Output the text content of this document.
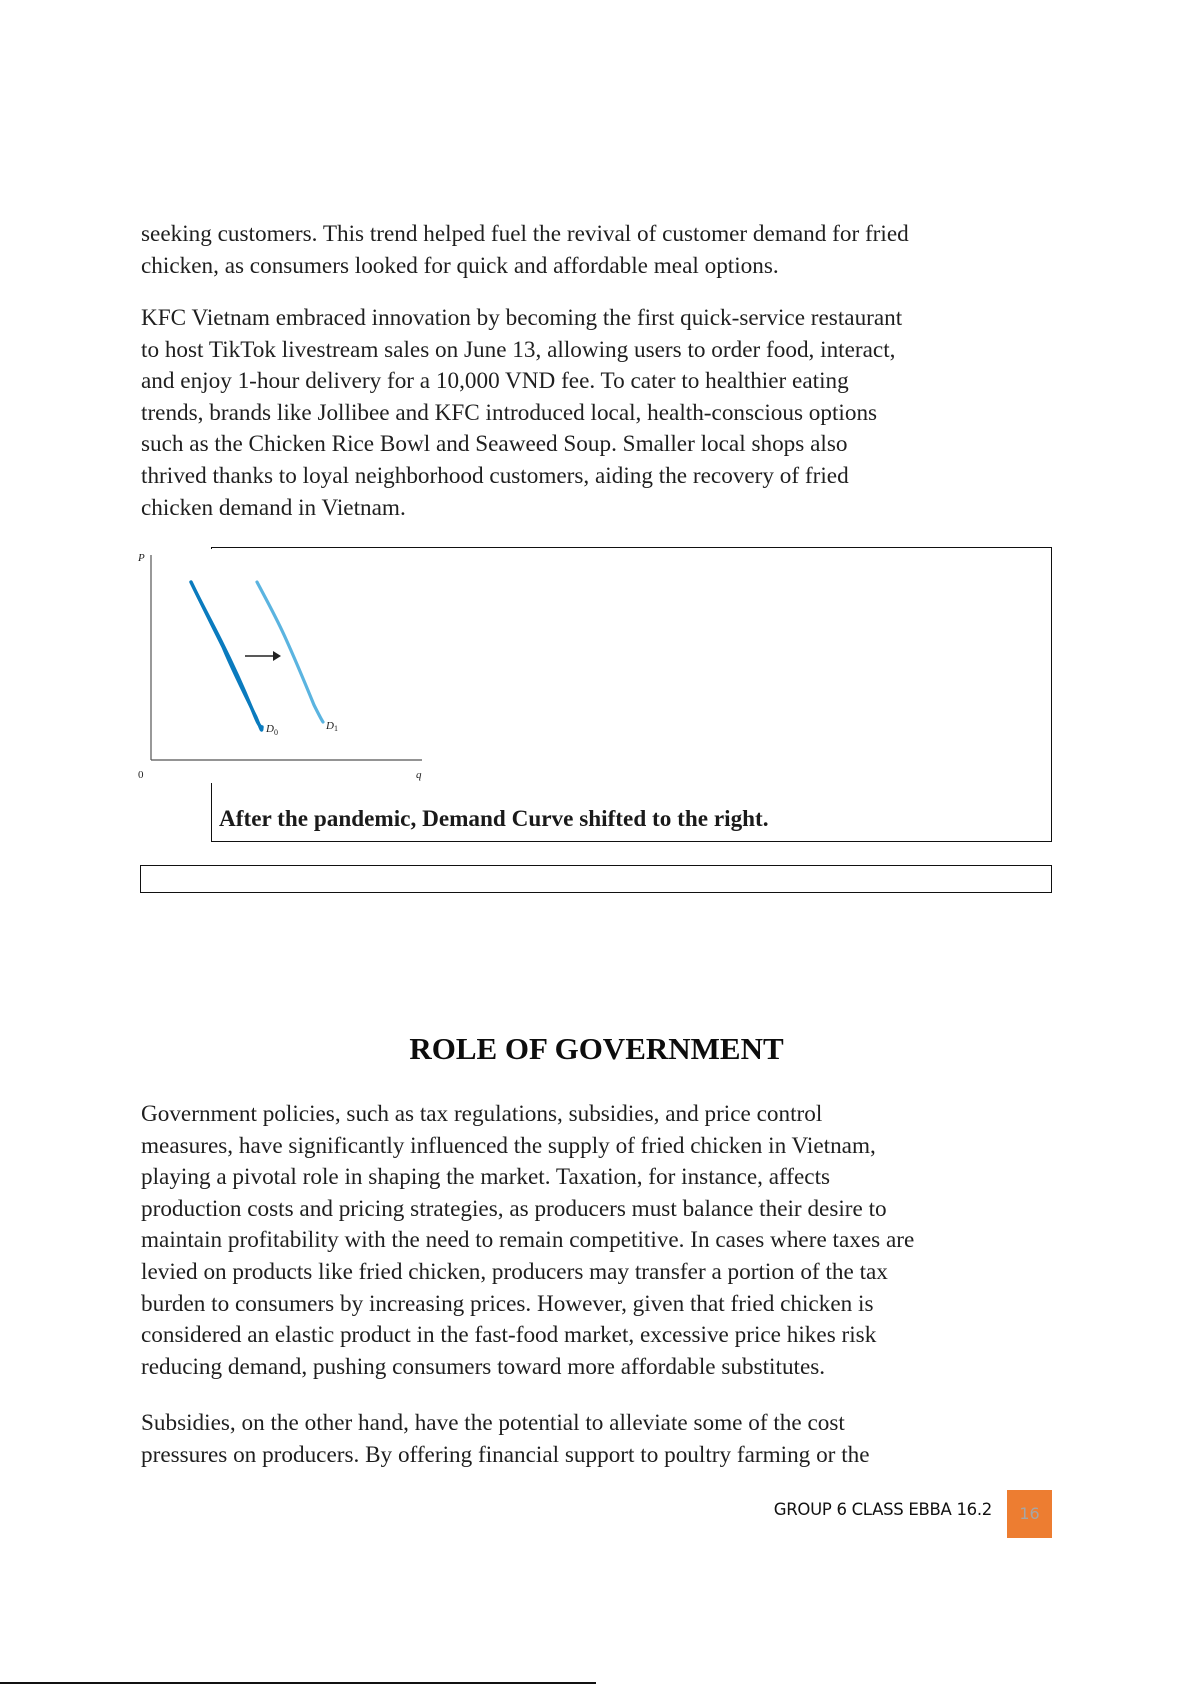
seeking customers. This trend helped fuel the revival of customer demand for fried
chicken, as consumers looked for quick and affordable meal options.
KFC Vietnam embraced innovation by becoming the first quick-service restaurant
to host TikTok livestream sales on June 13, allowing users to order food, interact,
and enjoy 1-hour delivery for a 10,000 VND fee. To cater to healthier eating
trends, brands like Jollibee and KFC introduced local, health-conscious options
such as the Chicken Rice Bowl and Seaweed Soup. Smaller local shops also
thrived thanks to loyal neighborhood customers, aiding the recovery of fried
chicken demand in Vietnam.
P
0	q
D 0
D 1
After the pandemic, Demand Curve shifted to the right.
ROLE OF GOVERNMENT
Government policies, such as tax regulations, subsidies, and price control
measures, have significantly influenced the supply of fried chicken in Vietnam,
playing a pivotal role in shaping the market. Taxation, for instance, affects
production costs and pricing strategies, as producers must balance their desire to
maintain profitability with the need to remain competitive. In cases where taxes are
levied on products like fried chicken, producers may transfer a portion of the tax
burden to consumers by increasing prices. However, given that fried chicken is
considered an elastic product in the fast-food market, excessive price hikes risk
reducing demand, pushing consumers toward more affordable substitutes.
Subsidies, on the other hand, have the potential to alleviate some of the cost
pressures on producers. By offering financial support to poultry farming or the
GROUP 6 CLASS EBBA 16.2	16
